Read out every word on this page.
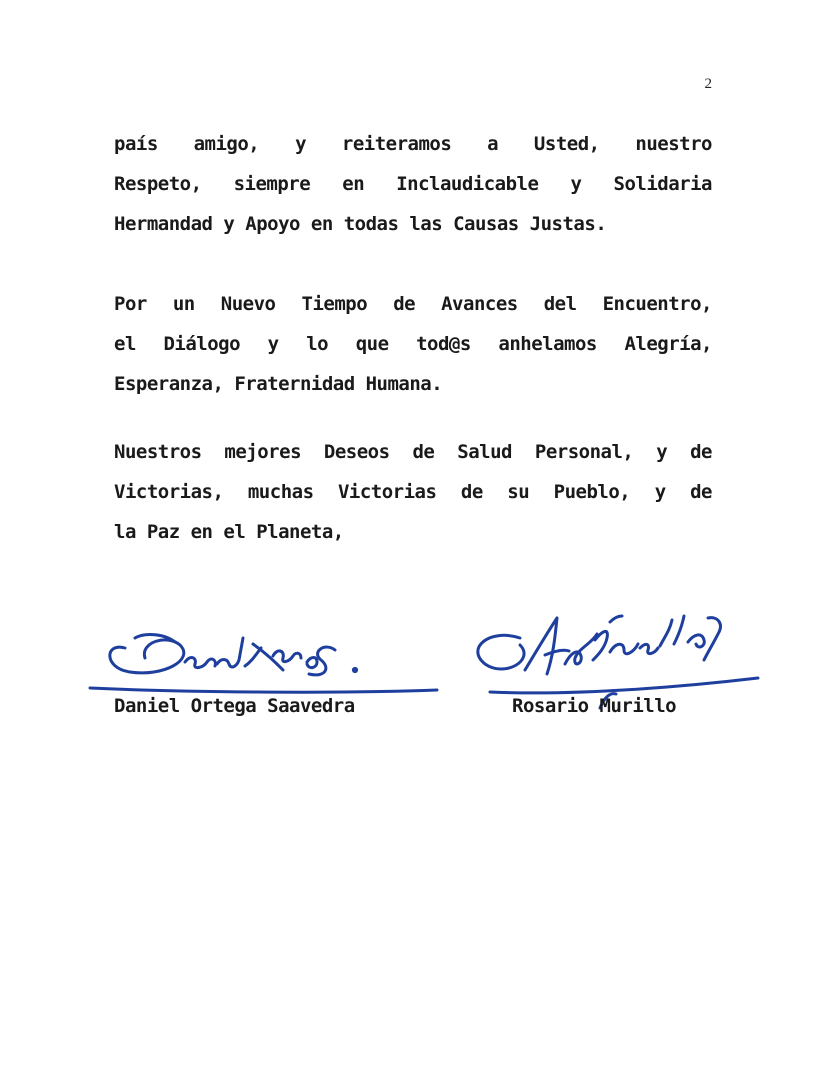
2
país amigo, y reiteramos a Usted, nuestro
Respeto, siempre en Inclaudicable y Solidaria
Hermandad y Apoyo en todas las Causas Justas.
Por un Nuevo Tiempo de Avances del Encuentro,
el Diálogo y lo que tod@s anhelamos Alegría,
Esperanza, Fraternidad Humana.
Nuestros mejores Deseos de Salud Personal, y de
Victorias, muchas Victorias de su Pueblo, y de
la Paz en el Planeta,
Daniel Ortega Saavedra	Rosario Murillo
